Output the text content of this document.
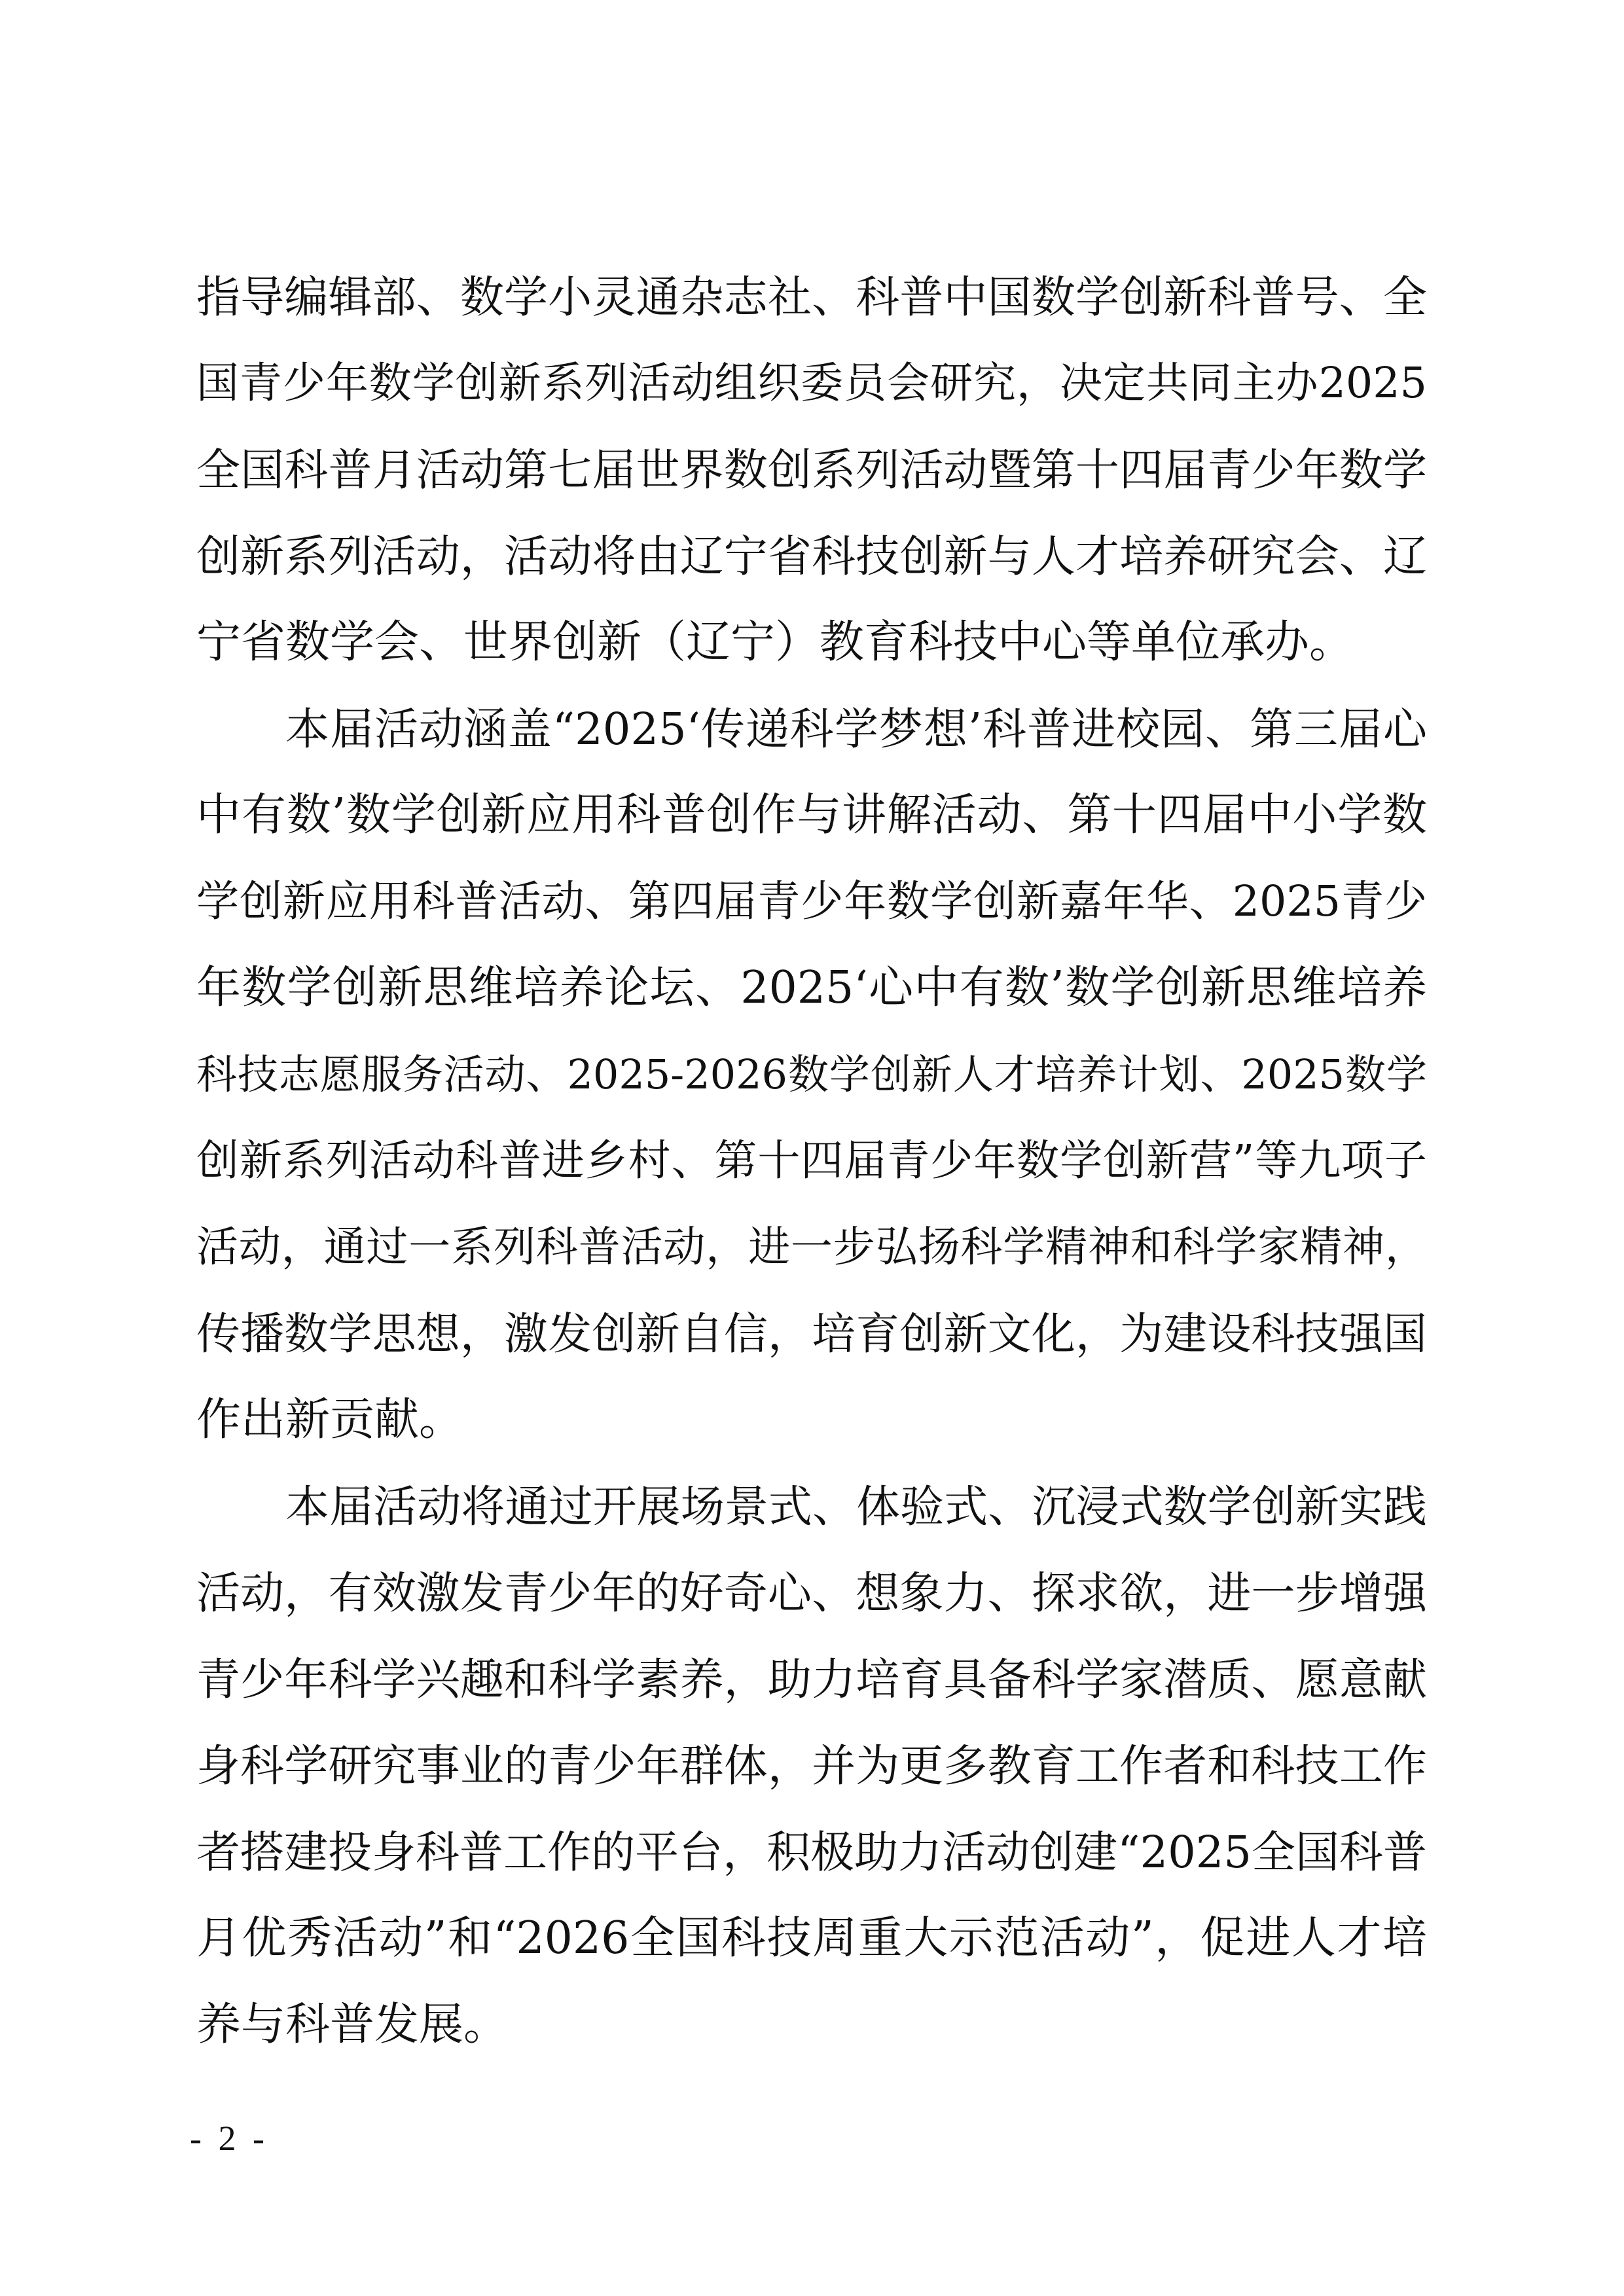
指导编辑部、数学小灵通杂志社、科普中国数学创新科普号、全
国青少年数学创新系列活动组织委员会研究，决定共同主办2025
全国科普月活动第七届世界数创系列活动暨第十四届青少年数学
创新系列活动，活动将由辽宁省科技创新与人才培养研究会、辽
宁省数学会、世界创新（辽宁）教育科技中心等单位承办。
本届活动涵盖“2025‘传递科学梦想’科普进校园、第三届心
中有数’数学创新应用科普创作与讲解活动、第十四届中小学数
学创新应用科普活动、第四届青少年数学创新嘉年华、2025青少
年数学创新思维培养论坛、2025‘心中有数’数学创新思维培养
科技志愿服务活动、2025-2026数学创新人才培养计划、2025数学
创新系列活动科普进乡村、第十四届青少年数学创新营”等九项子
活动，通过一系列科普活动，进一步弘扬科学精神和科学家精神，
传播数学思想，激发创新自信，培育创新文化，为建设科技强国
作出新贡献。
本届活动将通过开展场景式、体验式、沉浸式数学创新实践
活动，有效激发青少年的好奇心、想象力、探求欲，进一步增强
青少年科学兴趣和科学素养，助力培育具备科学家潜质、愿意献
身科学研究事业的青少年群体，并为更多教育工作者和科技工作
者搭建投身科普工作的平台，积极助力活动创建“2025全国科普
月优秀活动”和“2026全国科技周重大示范活动”，促进人才培
养与科普发展。
- 2 -
